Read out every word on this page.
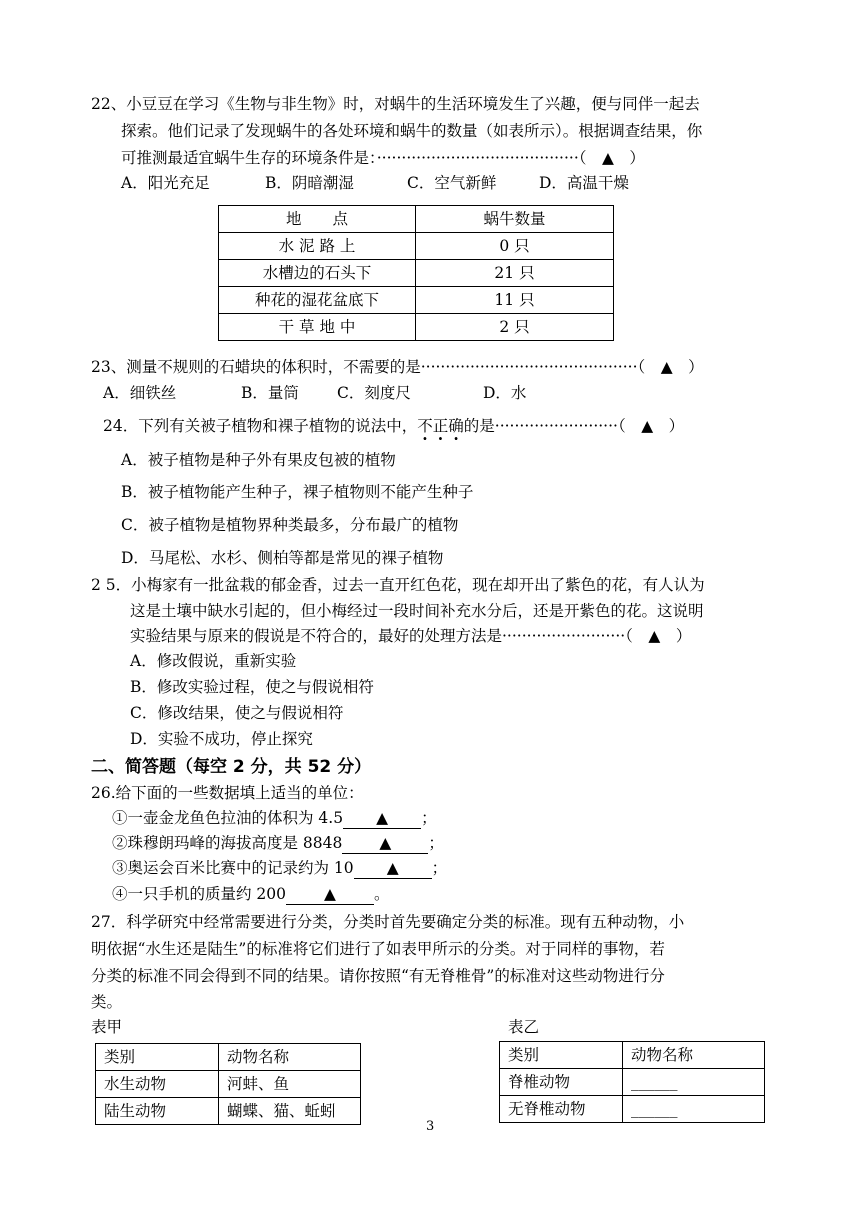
22、小豆豆在学习《生物与非生物》时，对蜗牛的生活环境发生了兴趣，便与同伴一起去
探索。他们记录了发现蜗牛的各处环境和蜗牛的数量（如表所示）。根据调查结果，你
可推测最适宜蜗牛生存的环境条件是：·········································（　▲　）
A．阳光充足	B．阴暗潮湿	C．空气新鲜	D．高温干燥
地　　点	蜗牛数量
水 泥 路 上	0 只
水槽边的石头下	21 只
种花的湿花盆底下	11 只
干 草 地 中	2 只
23、测量不规则的石蜡块的体积时，不需要的是············································（　▲　）
A．细铁丝	B．量筒 C．刻度尺	D．水
24．下列有关被子植物和裸子植物的说法中，不正确的是·························（　▲　）
A．被子植物是种子外有果皮包被的植物
B．被子植物能产生种子，裸子植物则不能产生种子
C．被子植物是植物界种类最多，分布最广的植物
D．马尾松、水杉、侧柏等都是常见的裸子植物
2 5．小梅家有一批盆栽的郁金香，过去一直开红色花，现在却开出了紫色的花，有人认为
这是土壤中缺水引起的，但小梅经过一段时间补充水分后，还是开紫色的花。这说明
实验结果与原来的假说是不符合的，最好的处理方法是·························（　▲　）
A．修改假说，重新实验
B．修改实验过程，使之与假说相符
C．修改结果，使之与假说相符
D．实验不成功，停止探究
二、简答题（每空 2 分，共 52 分）
26.给下面的一些数据填上适当的单位：
①一壶金龙鱼色拉油的体积为 4.5 ▲ ；
②珠穆朗玛峰的海拔高度是 8848 ▲ ；
③奥运会百米比赛中的记录约为 10 ▲ ；
④一只手机的质量约 200 ▲ 。
27．科学研究中经常需要进行分类，分类时首先要确定分类的标准。现有五种动物，小
明依据“水生还是陆生”的标准将它们进行了如表甲所示的分类。对于同样的事物，若
分类的标准不同会得到不同的结果。请你按照“有无脊椎骨”的标准对这些动物进行分
类。
表甲	表乙
类别	动物名称
水生动物	河蚌、鱼
陆生动物	蝴蝶、猫、蚯蚓
类别	动物名称
脊椎动物	______
无脊椎动物	______
3
